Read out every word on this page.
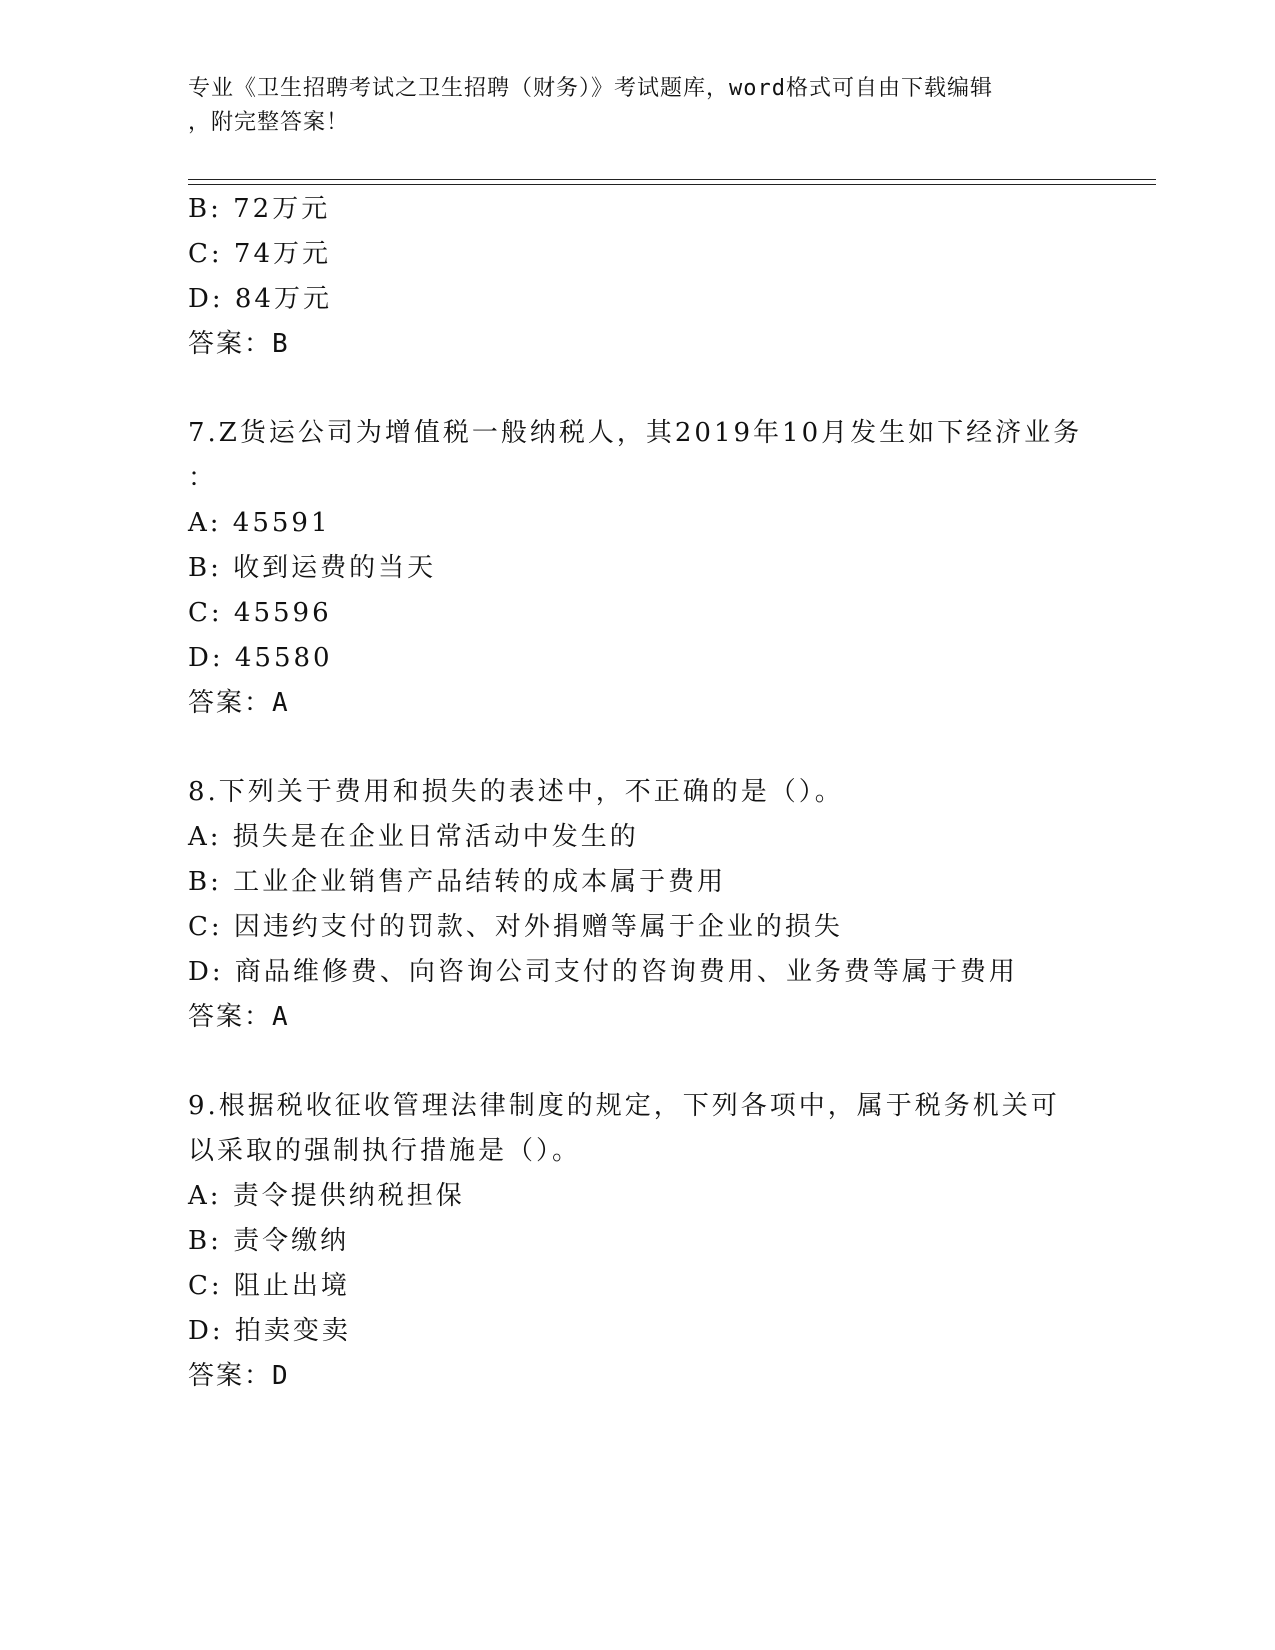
专业《卫生招聘考试之卫生招聘（财务）》考试题库，word格式可自由下载编辑
，附完整答案！
B: 72万元
C: 74万元
D: 84万元
答案：B
7.Z货运公司为增值税一般纳税人，其2019年10月发生如下经济业务
：
A: 45591
B: 收到运费的当天
C: 45596
D: 45580
答案：A
8.下列关于费用和损失的表述中，不正确的是（）。
A: 损失是在企业日常活动中发生的
B: 工业企业销售产品结转的成本属于费用
C: 因违约支付的罚款、对外捐赠等属于企业的损失
D: 商品维修费、向咨询公司支付的咨询费用、业务费等属于费用
答案：A
9.根据税收征收管理法律制度的规定，下列各项中，属于税务机关可
以采取的强制执行措施是（）。
A: 责令提供纳税担保
B: 责令缴纳
C: 阻止出境
D: 拍卖变卖
答案：D
